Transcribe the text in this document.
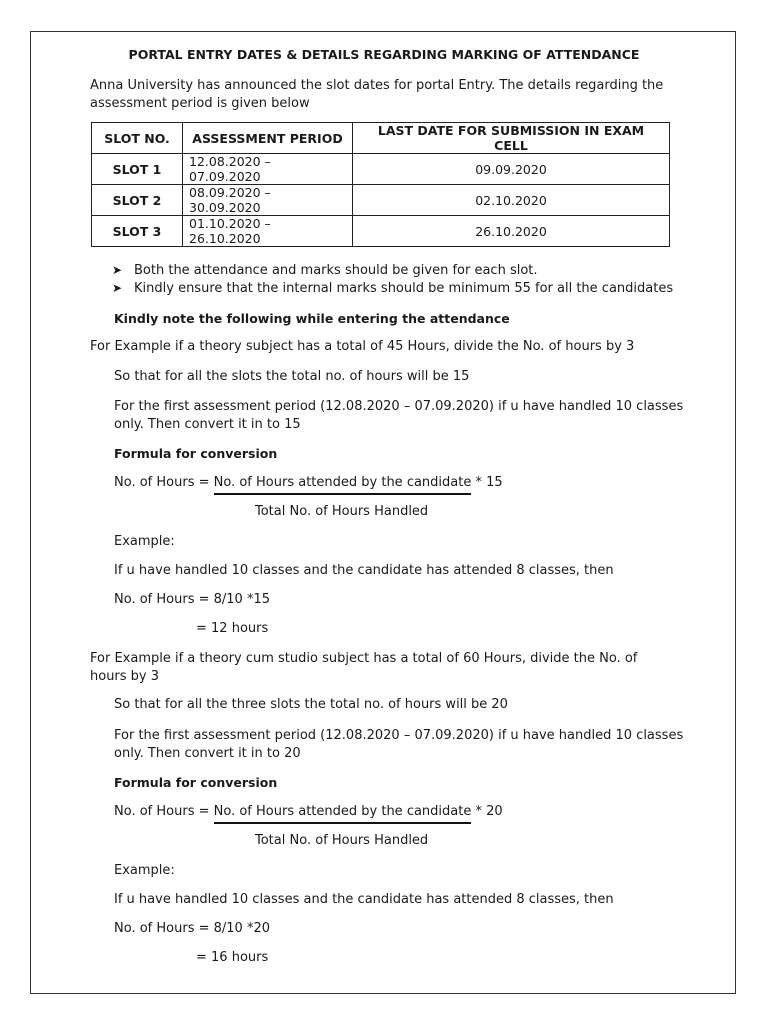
PORTAL ENTRY DATES & DETAILS REGARDING MARKING OF ATTENDANCE
Anna University has announced the slot dates for portal Entry. The details regarding the assessment period is given below
SLOT NO.	ASSESSMENT PERIOD	LAST DATE FOR SUBMISSION IN EXAM CELL
SLOT 1	12.08.2020 – 07.09.2020	09.09.2020
SLOT 2	08.09.2020 – 30.09.2020	02.10.2020
SLOT 3	01.10.2020 – 26.10.2020	26.10.2020
➤ Both the attendance and marks should be given for each slot.
➤ Kindly ensure that the internal marks should be minimum 55 for all the candidates
Kindly note the following while entering the attendance
For Example if a theory subject has a total of 45 Hours, divide the No. of hours by 3
So that for all the slots the total no. of hours will be 15
For the first assessment period (12.08.2020 – 07.09.2020) if u have handled 10 classes only. Then convert it in to 15
Formula for conversion
No. of Hours = No. of Hours attended by the candidate * 15
Total No. of Hours Handled
Example:
If u have handled 10 classes and the candidate has attended 8 classes, then
No. of Hours = 8/10 *15
= 12 hours
For Example if a theory cum studio subject has a total of 60 Hours, divide the No. of hours by 3
So that for all the three slots the total no. of hours will be 20
For the first assessment period (12.08.2020 – 07.09.2020) if u have handled 10 classes only. Then convert it in to 20
Formula for conversion
No. of Hours = No. of Hours attended by the candidate * 20
Total No. of Hours Handled
Example:
If u have handled 10 classes and the candidate has attended 8 classes, then
No. of Hours = 8/10 *20
= 16 hours
